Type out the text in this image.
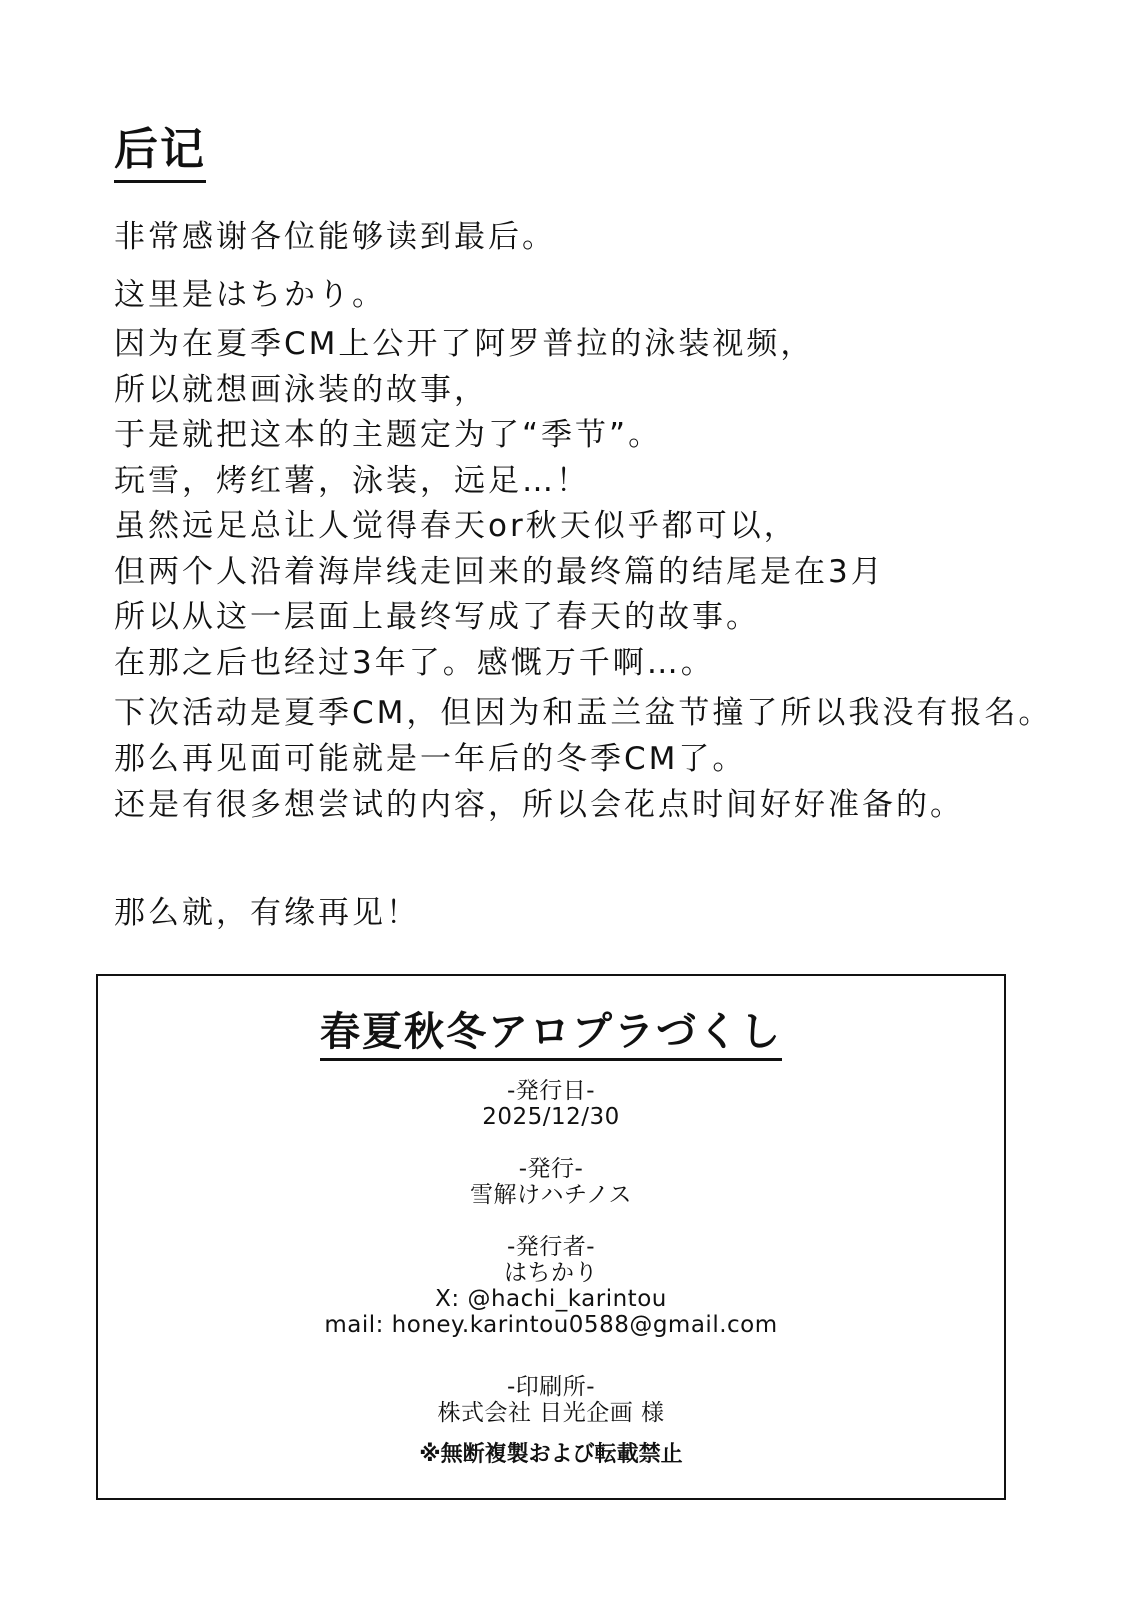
后记
非常感谢各位能够读到最后。
这里是はちかり。
因为在夏季CM上公开了阿罗普拉的泳装视频，
所以就想画泳装的故事，
于是就把这本的主题定为了“季节”。
玩雪，烤红薯，泳装，远足…！
虽然远足总让人觉得春天or秋天似乎都可以，
但两个人沿着海岸线走回来的最终篇的结尾是在3月
所以从这一层面上最终写成了春天的故事。
在那之后也经过3年了。感慨万千啊…。
下次活动是夏季CM，但因为和盂兰盆节撞了所以我没有报名。
那么再见面可能就是一年后的冬季CM了。
还是有很多想尝试的内容，所以会花点时间好好准备的。
那么就，有缘再见！
春夏秋冬アロプラづくし
-発行日-
2025/12/30
-発行-
雪解けハチノス
-発行者-
はちかり
X: @hachi_karintou
mail: honey.karintou0588@gmail.com
-印刷所-
株式会社 日光企画 様
※無断複製および転載禁止
